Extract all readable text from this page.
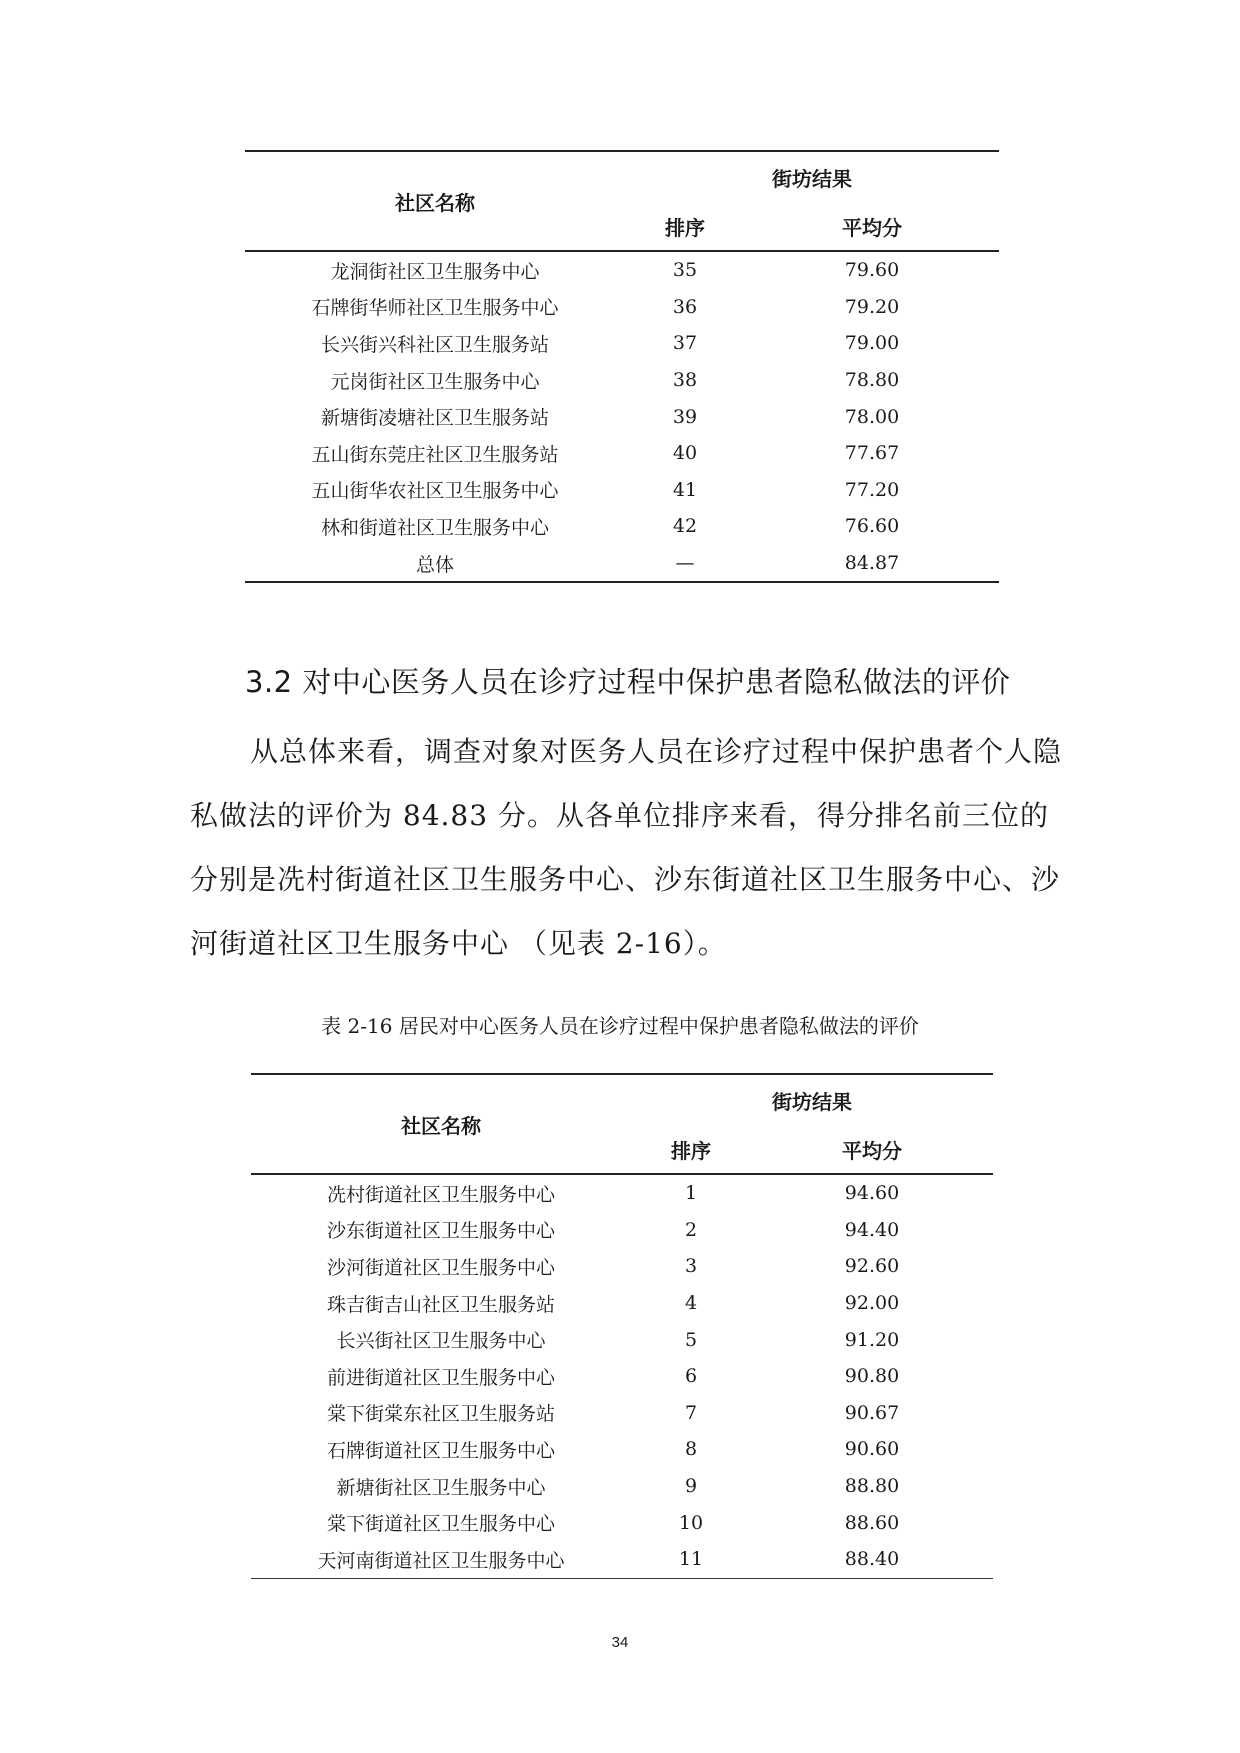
社区名称	街坊结果	
	排序	平均分
龙洞街社区卫生服务中心	35	79.60
石牌街华师社区卫生服务中心	36	79.20
长兴街兴科社区卫生服务站	37	79.00
元岗街社区卫生服务中心	38	78.80
新塘街凌塘社区卫生服务站	39	78.00
五山街东莞庄社区卫生服务站	40	77.67
五山街华农社区卫生服务中心	41	77.20
林和街道社区卫生服务中心	42	76.60
总体	—	84.87
3.2 对中心医务人员在诊疗过程中保护患者隐私做法的评价

从总体来看，调查对象对医务人员在诊疗过程中保护患者个人隐私做法的评价为 84.83 分。从各单位排序来看，得分排名前三位的分别是冼村街道社区卫生服务中心、沙东街道社区卫生服务中心、沙河街道社区卫生服务中心 （见表 2-16）。

表 2-16 居民对中心医务人员在诊疗过程中保护患者隐私做法的评价
社区名称	街坊结果	
	排序	平均分
冼村街道社区卫生服务中心	1	94.60
沙东街道社区卫生服务中心	2	94.40
沙河街道社区卫生服务中心	3	92.60
珠吉街吉山社区卫生服务站	4	92.00
长兴街社区卫生服务中心	5	91.20
前进街道社区卫生服务中心	6	90.80
棠下街棠东社区卫生服务站	7	90.67
石牌街道社区卫生服务中心	8	90.60
新塘街社区卫生服务中心	9	88.80
棠下街道社区卫生服务中心	10	88.60
天河南街道社区卫生服务中心	11	88.40
34
